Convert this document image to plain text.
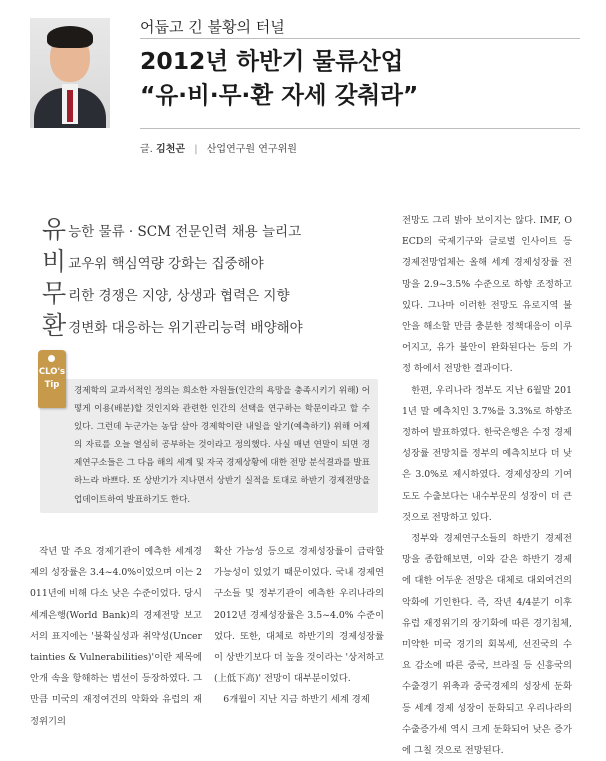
어둡고 긴 불황의 터널
2012년 하반기 물류산업
“유·비·무·환 자세 갖춰라”
글. 김천곤 | 산업연구원 연구위원
유능한 물류 · SCM 전문인력 채용 늘리고
비교우위 핵심역량 강화는 집중해야
무리한 경쟁은 지양, 상생과 협력은 지향
환경변화 대응하는 위기관리능력 배양해야

경제학의 교과서적인 정의는 희소한 자원들(인간의 욕망을 충족시키기 위해) 어떻게 이용(배분)할 것인지와 관련한 인간의 선택을 연구하는 학문이라고 할 수 있다. 그런데 누군가는 농담 삼아 경제학이란 내일을 알기(예측하기) 위해 어제의 자료를 오늘 열심히 공부하는 것이라고 정의했다. 사실 매년 연말이 되면 경제연구소들은 그 다음 해의 세계 및 자국 경제상황에 대한 전망 분석결과를 발표하느라 바쁘다. 또 상반기가 지나면서 상반기 실적을 토대로 하반기 경제전망을 업데이트하여 발표하기도 한다.

CLO's
Tip

전망도 그리 밝아 보이지는 않다. IMF, OECD의 국제기구와 글로벌 인사이트 등 경제전망업체는 올해 세계 경제성장률 전망을 2.9~3.5% 수준으로 하향 조정하고 있다. 그나마 이러한 전망도 유로지역 불안을 해소할 만큼 충분한 정책대응이 이루어지고, 유가 불안이 완화된다는 등의 가정 하에서 전망한 결과이다.

한편, 우리나라 정부도 지난 6월말 2011년 말 예측치인 3.7%를 3.3%로 하향조정하여 발표하였다. 한국은행은 수정 경제성장률 전망치를 정부의 예측치보다 더 낮은 3.0%로 제시하였다. 경제성장의 기여도도 수출보다는 내수부문의 성장이 더 큰 것으로 전망하고 있다.

정부와 경제연구소들의 하반기 경제전망을 종합해보면, 이와 같은 하반기 경제에 대한 어두운 전망은 대체로 대외여건의 악화에 기인한다. 즉, 작년 4/4분기 이후 유럽 재정위기의 장기화에 따른 경기침체, 미약한 미국 경기의 회복세, 선진국의 수요 감소에 따른 중국, 브라질 등 신흥국의 수출경기 위축과 중국경제의 성장세 둔화 등 세계 경제 성장이 둔화되고 우리나라의 수출증가세 역시 크게 둔화되어 낮은 증가에 그칠 것으로 전망된다.

작년 말 주요 경제기관이 예측한 세계경제의 성장률은 3.4~4.0%이었으며 이는 2011년에 비해 다소 낮은 수준이었다. 당시 세계은행(World Bank)의 경제전망 보고서의 표지에는 '불확실성과 취약성(Uncertainties & Vulnerabilities)'이란 제목에 안개 속을 항해하는 범선이 등장하였다. 그만큼 미국의 재정여건의 악화와 유럽의 재정위기의

확산 가능성 등으로 경제성장률이 급락할 가능성이 있었기 때문이었다. 국내 경제연구소들 및 정부기관이 예측한 우리나라의 2012년 경제성장률은 3.5~4.0% 수준이었다. 또한, 대체로 하반기의 경제성장률이 상반기보다 더 높을 것이라는 '상저하고(上低下高)' 전망이 대부분이었다.

6개월이 지난 지금 하반기 세계 경제
